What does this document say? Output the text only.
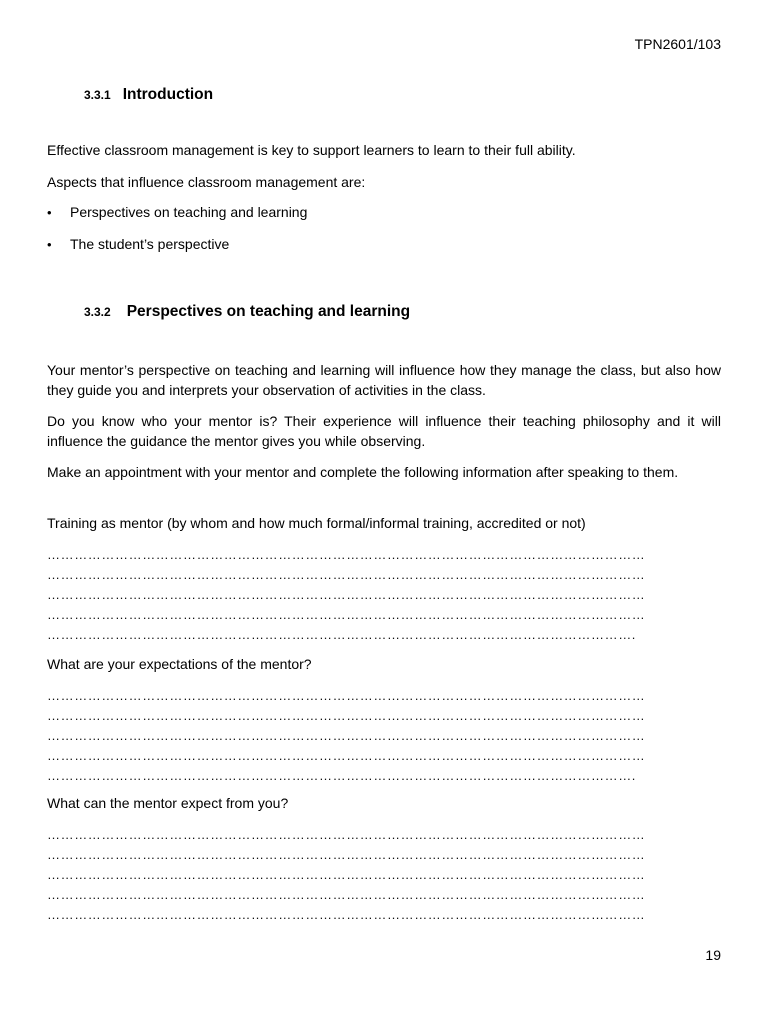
TPN2601/103
3.3.1 Introduction

Effective classroom management is key to support learners to learn to their full ability.

Aspects that influence classroom management are:

•	Perspectives on teaching and learning
•	The student’s perspective
3.3.2 Perspectives on teaching and learning

Your mentor’s perspective on teaching and learning will influence how they manage the class, but also how they guide you and interprets your observation of activities in the class.

Do you know who your mentor is? Their experience will influence their teaching philosophy and it will influence the guidance the mentor gives you while observing.

Make an appointment with your mentor and complete the following information after speaking to them.

Training as mentor (by whom and how much formal/informal training, accredited or not)

……………………………………………………………………………………………………………………
……………………………………………………………………………………………………………………
……………………………………………………………………………………………………………………
……………………………………………………………………………………………………………………
………………………………………………………………………………………………………………….

What are your expectations of the mentor?

……………………………………………………………………………………………………………………
……………………………………………………………………………………………………………………
……………………………………………………………………………………………………………………
……………………………………………………………………………………………………………………
………………………………………………………………………………………………………………….

What can the mentor expect from you?

……………………………………………………………………………………………………………………
……………………………………………………………………………………………………………………
……………………………………………………………………………………………………………………
……………………………………………………………………………………………………………………
……………………………………………………………………………………………………………………
19
